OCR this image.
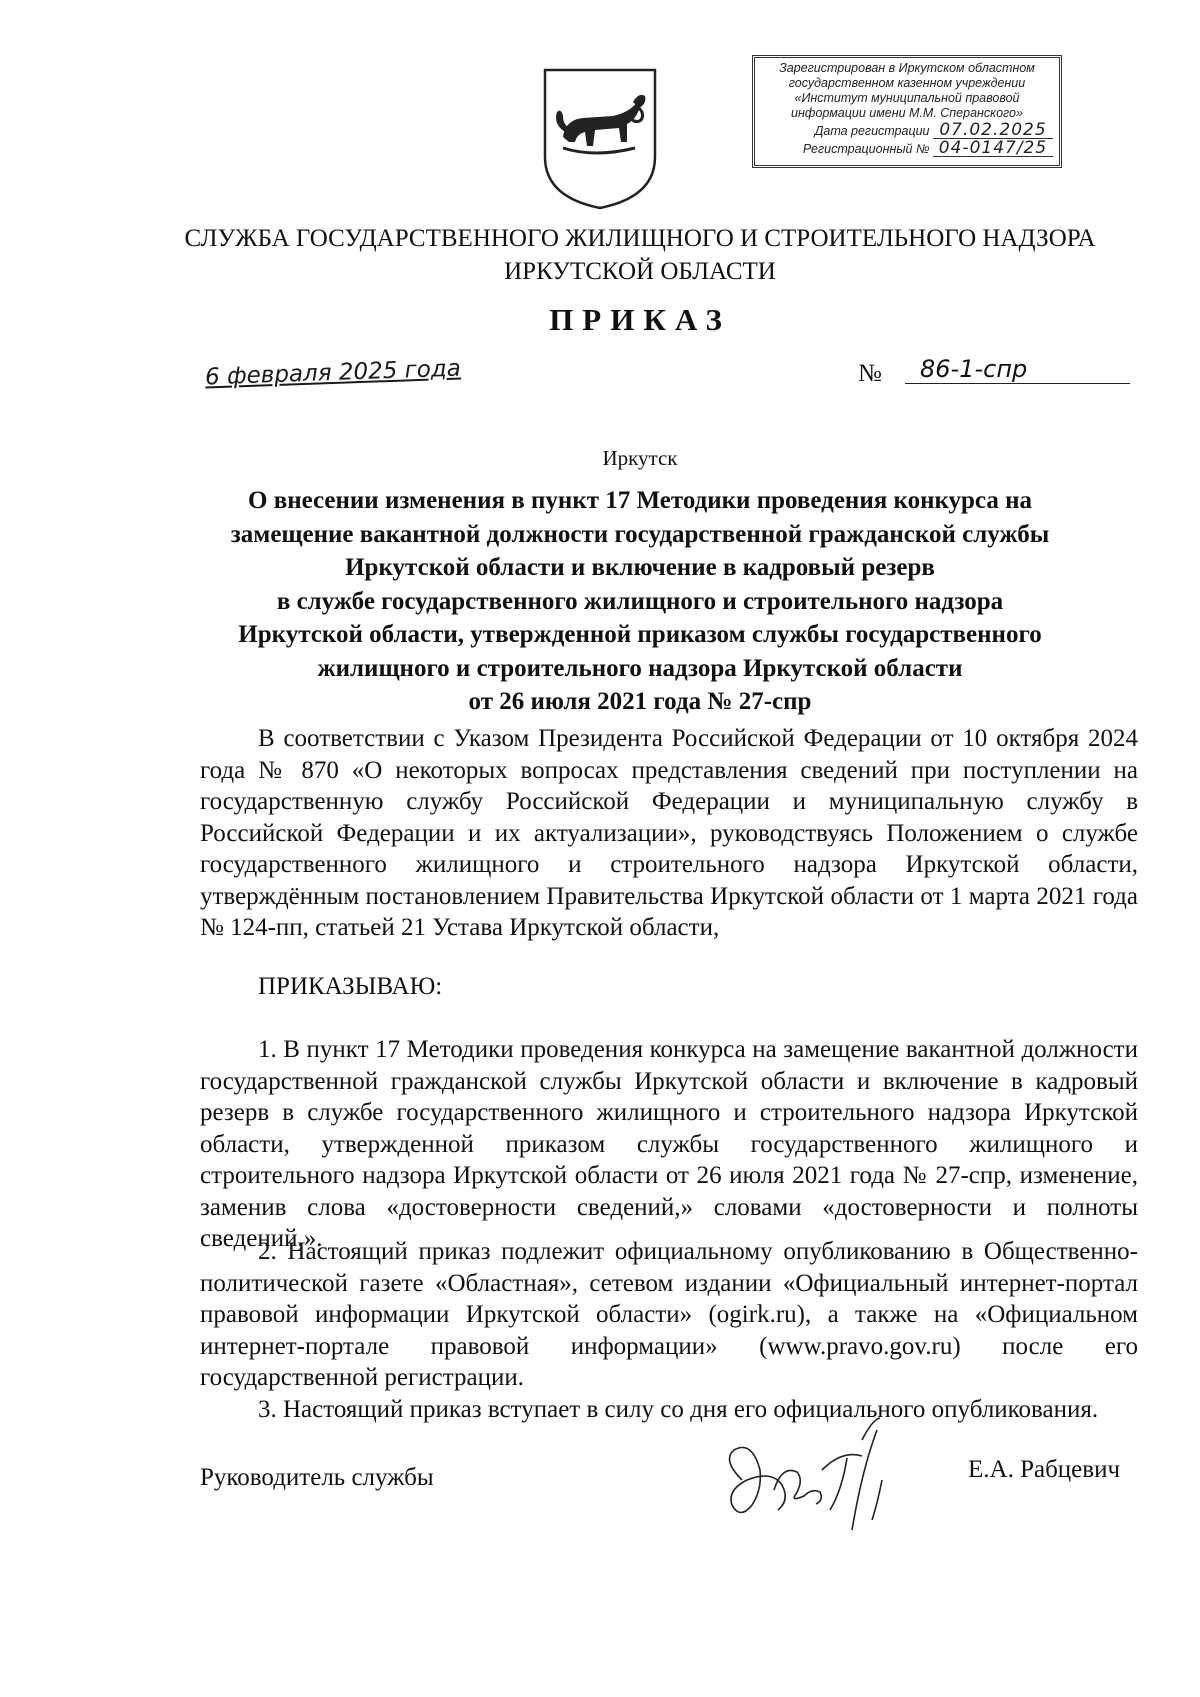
Зарегистрирован в Иркутском областном
государственном казенном учреждении
«Институт муниципальной правовой
информации имени М.М. Сперанского»
Дата регистрации 07.02.2025
Регистрационный № 04-0147/25
СЛУЖБА ГОСУДАРСТВЕННОГО ЖИЛИЩНОГО И СТРОИТЕЛЬНОГО НАДЗОРА
ИРКУТСКОЙ ОБЛАСТИ
ПРИКАЗ
6 февраля 2025 года	№	86-1-спр
Иркутск
О внесении изменения в пункт 17 Методики проведения конкурса на
замещение вакантной должности государственной гражданской службы
Иркутской области и включение в кадровый резерв
в службе государственного жилищного и строительного надзора
Иркутской области, утвержденной приказом службы государственного
жилищного и строительного надзора Иркутской области
от 26 июля 2021 года № 27-спр
В соответствии с Указом Президента Российской Федерации от 10 октября 2024 года № 870 «О некоторых вопросах представления сведений при поступлении на государственную службу Российской Федерации и муниципальную службу в Российской Федерации и их актуализации», руководствуясь Положением о службе государственного жилищного и строительного надзора Иркутской области, утверждённым постановлением Правительства Иркутской области от 1 марта 2021 года № 124-пп, статьей 21 Устава Иркутской области,
ПРИКАЗЫВАЮ:
1. В пункт 17 Методики проведения конкурса на замещение вакантной должности государственной гражданской службы Иркутской области и включение в кадровый резерв в службе государственного жилищного и строительного надзора Иркутской области, утвержденной приказом службы государственного жилищного и строительного надзора Иркутской области от 26 июля 2021 года № 27-спр, изменение, заменив слова «достоверности сведений,» словами «достоверности и полноты сведений,».
2. Настоящий приказ подлежит официальному опубликованию в Общественно-политической газете «Областная», сетевом издании «Официальный интернет-портал правовой информации Иркутской области» (ogirk.ru), а также на «Официальном интернет-портале правовой информации» (www.pravo.gov.ru) после его государственной регистрации.
3. Настоящий приказ вступает в силу со дня его официального опубликования.
Руководитель службы	Е.А. Рабцевич
